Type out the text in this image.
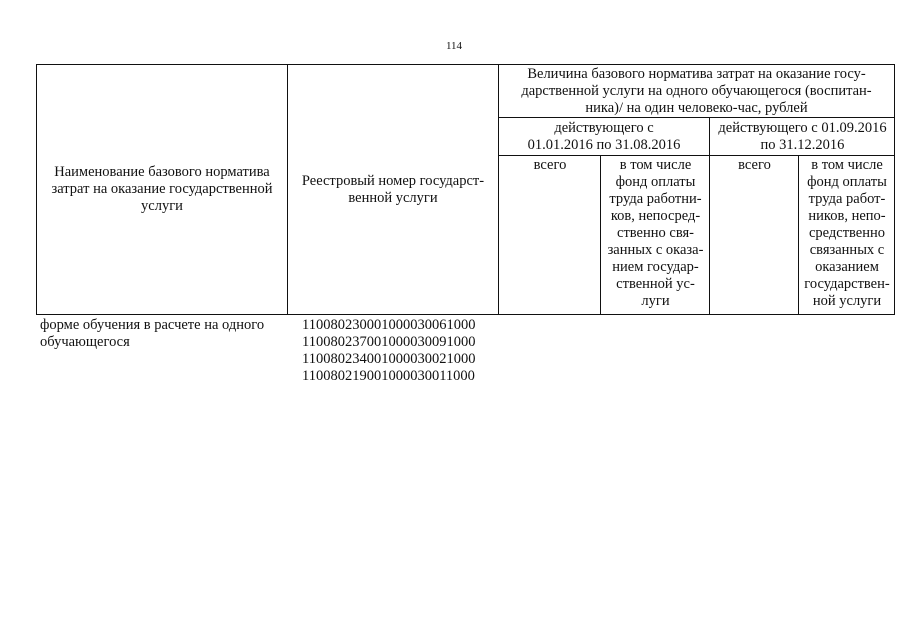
114
Наименование базового норматива затрат на оказание государственной услуги
Реестровый номер государст-венной услуги
Величина базового норматива затрат на оказание госу-дарственной услуги на одного обучающегося (воспитан-ника)/ на один человеко-час, рублей
действующего с 01.01.2016 по 31.08.2016
действующего с 01.09.2016 по 31.12.2016
всего	в том числе фонд оплаты труда работни-ков, непосред-ственно свя-занных с оказа-нием государ-ственной ус-луги
всего	в том числе фонд оплаты труда работ-ников, непо-средственно связанных с оказанием государствен-ной услуги
форме обучения в расчете на одного
обучающегося
110080230001000030061000
110080237001000030091000
110080234001000030021000
110080219001000030011000
